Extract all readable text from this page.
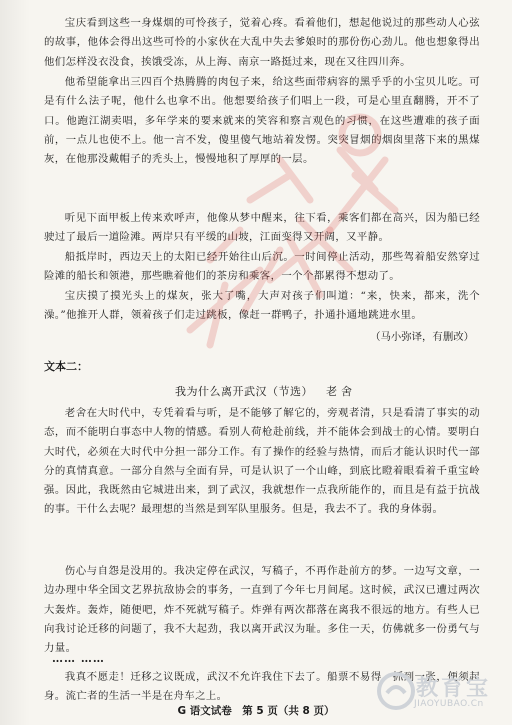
宝庆看到这些一身煤烟的可怜孩子，觉着心疼。看着他们，想起他说过的那些动人心弦的故事，他体会得出这些可怜的小家伙在大乱中失去爹娘时的那份伤心劲儿。他也想象得出他们怎样没衣没食，挨饿受冻，从上海、南京一路挺过来，现在又往四川奔。

他希望能拿出三四百个热腾腾的肉包子来，给这些面带病容的黑乎乎的小宝贝儿吃。可是有什么法子呢，他什么也拿不出。他想要给孩子们唱上一段，可是心里直翻腾，开不了口。他跑江湖卖唱，多年学来的要来就来的笑容和察言观色的习惯，在这些遭难的孩子面前，一点儿也使不上。他一言不发，傻里傻气地站着发愣。突突冒烟的烟囱里落下来的黑煤灰，在他那没戴帽子的秃头上，慢慢地积了厚厚的一层。

听见下面甲板上传来欢呼声，他像从梦中醒来，往下看，乘客们都在高兴，因为船已经驶过了最后一道险滩。两岸只有平缓的山坡，江面变得又开阔，又平静。

船抵岸时，西边天上的太阳已经开始往山后沉。一时间停止活动，那些驾着船安然穿过险滩的船长和领港，那些瞧着他们的茶房和乘客，一个个都累得不想动了。

宝庆摸了摸光头上的煤灰，张大了嘴，大声对孩子们叫道：“来，快来，都来，洗个澡。”他推开人群，领着孩子们走过跳板，像赶一群鸭子，扑通扑通地跳进水里。

（马小弥译，有删改）
文本二：
我为什么离开武汉（节选） 老舍

老舍在大时代中，专凭着看与听，是不能够了解它的，旁观者清，只是看清了事实的动态，而不能明白事态中人物的情感。看别人荷枪赴前线，并不能体会到战士的心情。要明白大时代，必须在大时代中分担一部分工作。有了操作的经验与热情，而后才能认识时代一部分的真情真意。一部分自然与全面有异，可是认识了一个山峰，到底比瞪着眼看着千重宝岭强。因此，我既然由它城进出来，到了武汉，我就想作一点我所能作的，而且是有益于抗战的事。干什么去呢？最理想的当然是到军队里服务。但是，我去不了。我的身体弱。

伤心与自怨是没用的。我决定停在武汉，写稿子，不再作赴前方的梦。一边写文章，一边办理中华全国文艺界抗敌协会的事务，一直到了今年七月间尾。这时候，武汉已遭过两次大轰炸。轰炸，随便吧，炸不死就写稿子。炸弹有两次都落在离我不很远的地方。有些人已向我讨论迁移的问题了，我不大起劲，我以离开武汉为耻。多住一天，仿佛就多一份勇气与力量。

…… ……

我真不愿走！迁移之议既成，武汉不允许我住下去了。船票不易得，抓到一张，便须起身。流亡者的生活一半是在舟车之上。

G 语文试卷　第 5 页（共 8 页）
教育宝
JIAOYUBAO.Cn
